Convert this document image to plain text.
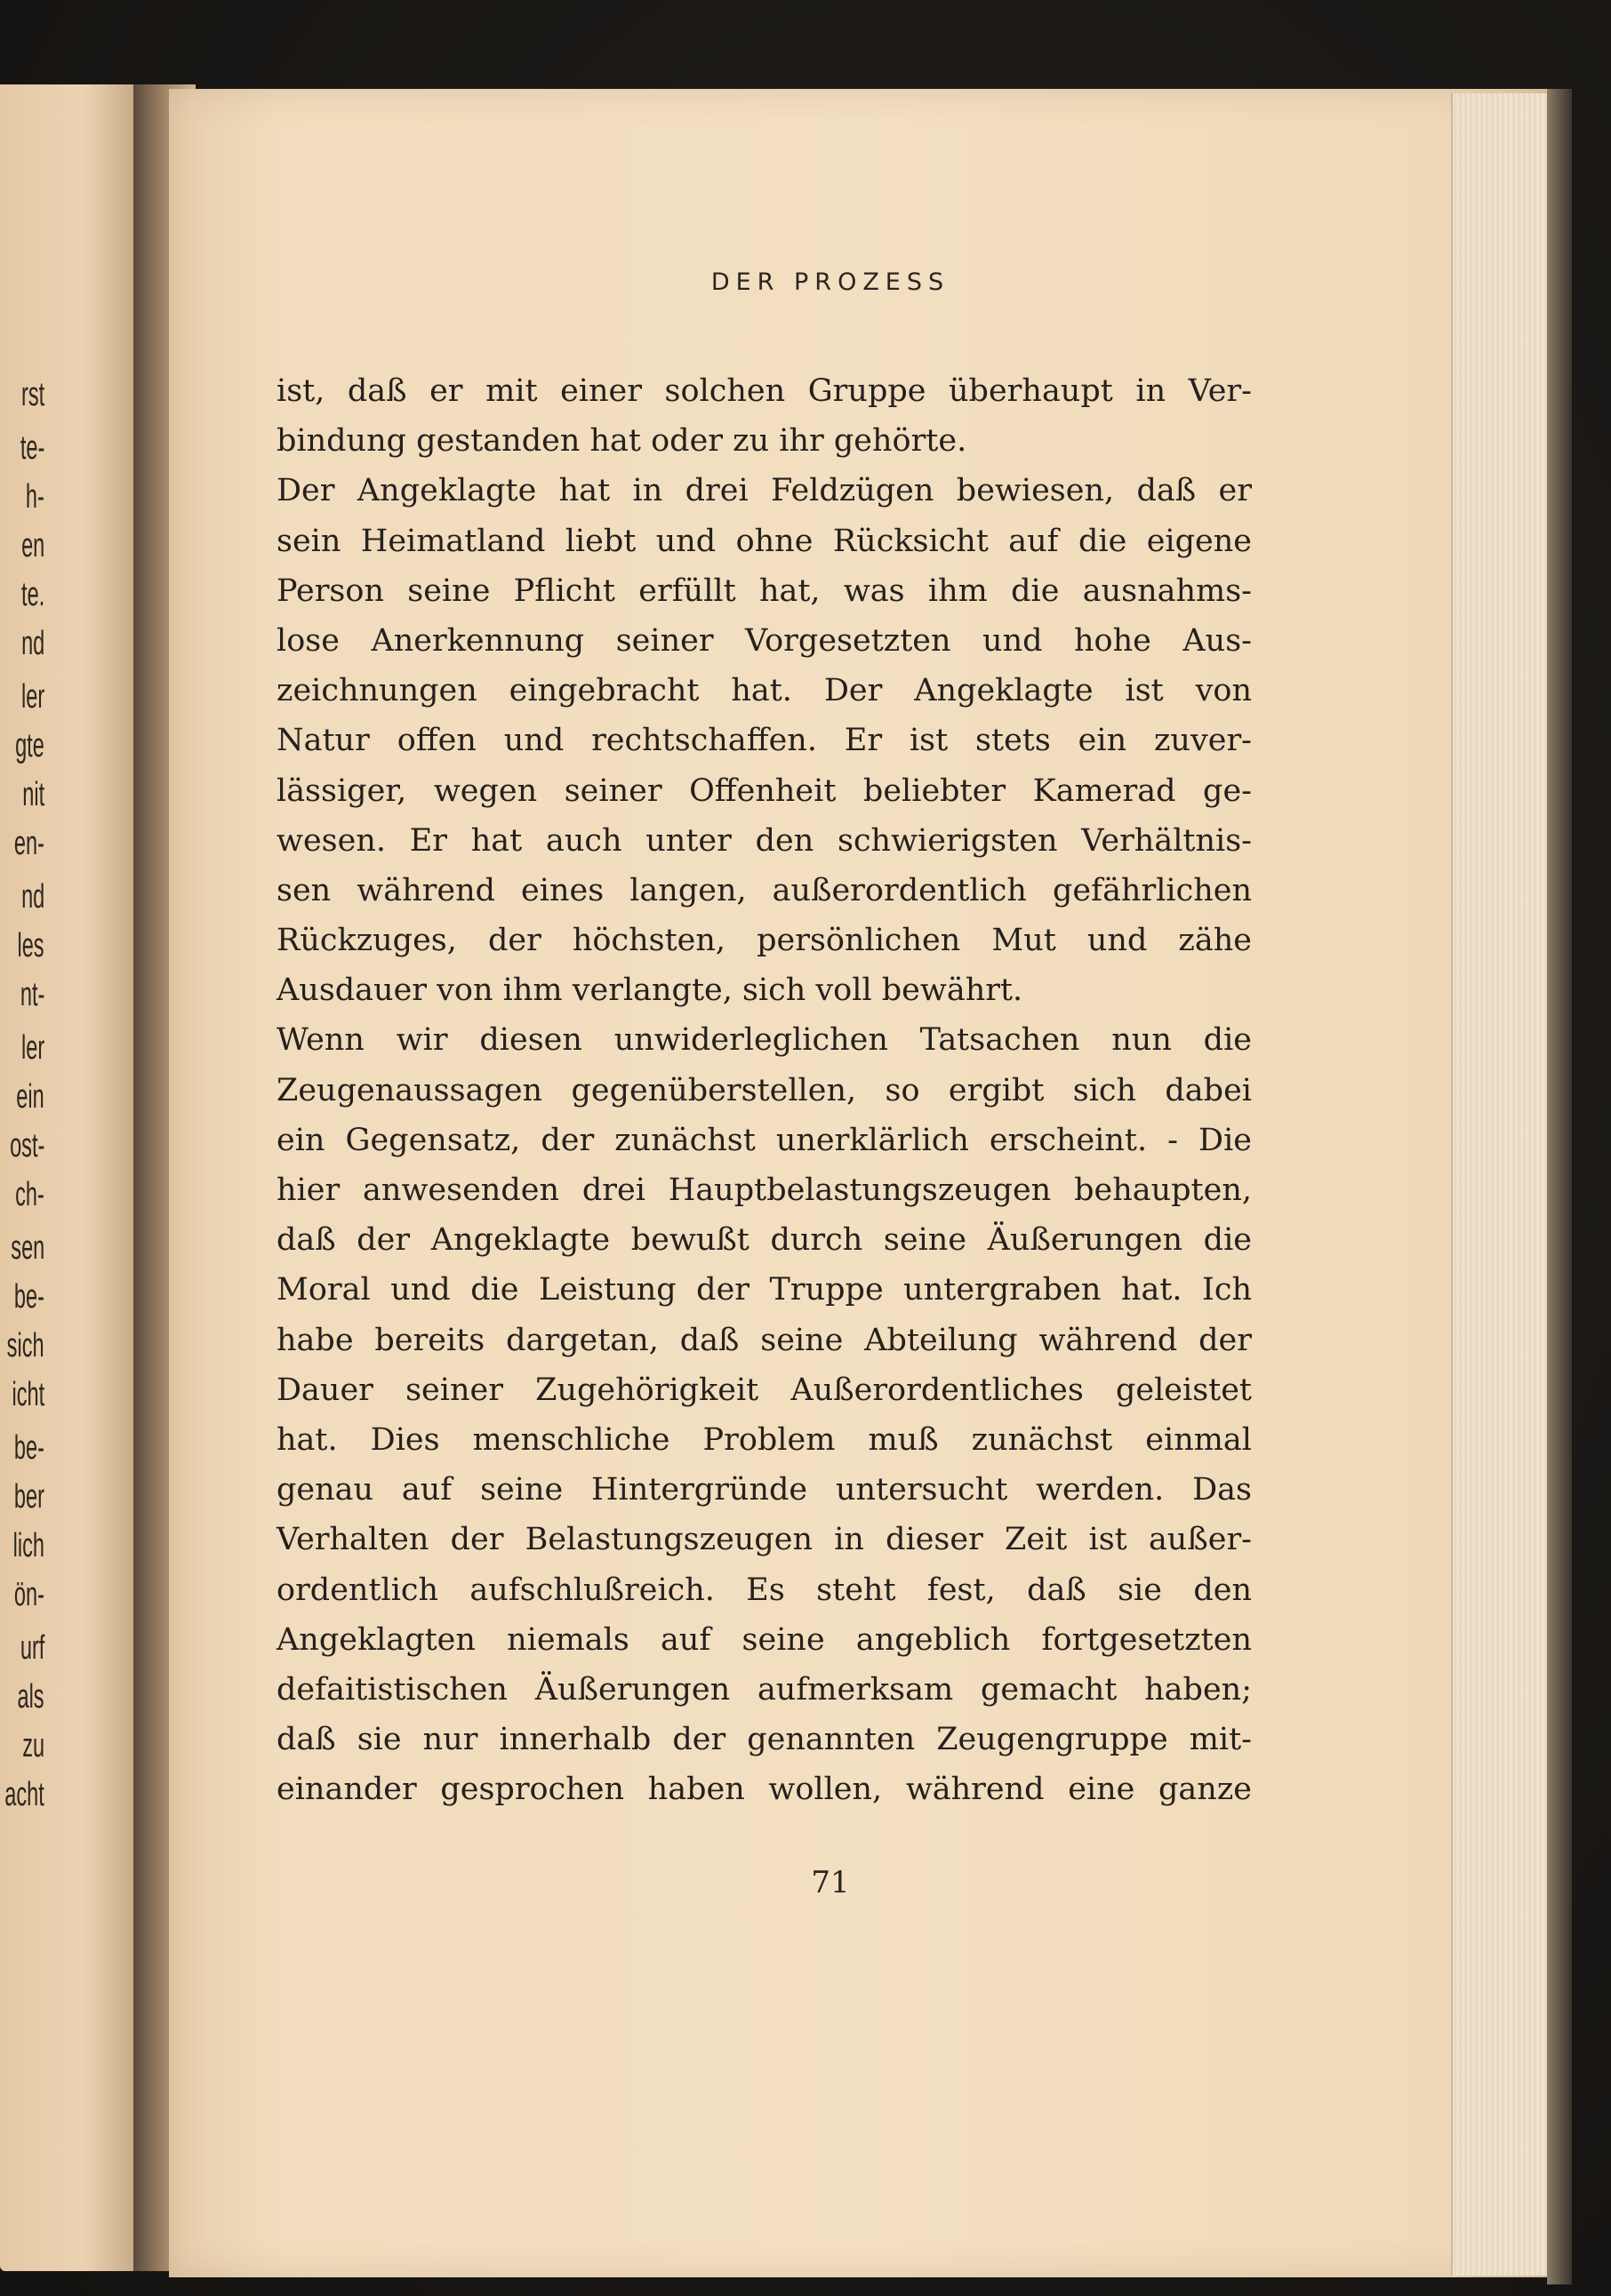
rst

te-

h-

en

te.

nd

ler

gte

nit

en-

nd

les

nt-

ler

ein

ost-

ch-

sen

be-

sich

icht

be-

ber

lich

ön-

urf

als

zu

acht

DER PROZESS
ist, daß er mit einer solchen Gruppe überhaupt in Ver-
bindung gestanden hat oder zu ihr gehörte.
Der Angeklagte hat in drei Feldzügen bewiesen, daß er
sein Heimatland liebt und ohne Rücksicht auf die eigene
Person seine Pflicht erfüllt hat, was ihm die ausnahms-
lose Anerkennung seiner Vorgesetzten und hohe Aus-
zeichnungen eingebracht hat. Der Angeklagte ist von
Natur offen und rechtschaffen. Er ist stets ein zuver-
lässiger, wegen seiner Offenheit beliebter Kamerad ge-
wesen. Er hat auch unter den schwierigsten Verhältnis-
sen während eines langen, außerordentlich gefährlichen
Rückzuges, der höchsten, persönlichen Mut und zähe
Ausdauer von ihm verlangte, sich voll bewährt.
Wenn wir diesen unwiderleglichen Tatsachen nun die
Zeugenaussagen gegenüberstellen, so ergibt sich dabei
ein Gegensatz, der zunächst unerklärlich erscheint. - Die
hier anwesenden drei Hauptbelastungszeugen behaupten,
daß der Angeklagte bewußt durch seine Äußerungen die
Moral und die Leistung der Truppe untergraben hat. Ich
habe bereits dargetan, daß seine Abteilung während der
Dauer seiner Zugehörigkeit Außerordentliches geleistet
hat. Dies menschliche Problem muß zunächst einmal
genau auf seine Hintergründe untersucht werden. Das
Verhalten der Belastungszeugen in dieser Zeit ist außer-
ordentlich aufschlußreich. Es steht fest, daß sie den
Angeklagten niemals auf seine angeblich fortgesetzten
defaitistischen Äußerungen aufmerksam gemacht haben;
daß sie nur innerhalb der genannten Zeugengruppe mit-
einander gesprochen haben wollen, während eine ganze

71
